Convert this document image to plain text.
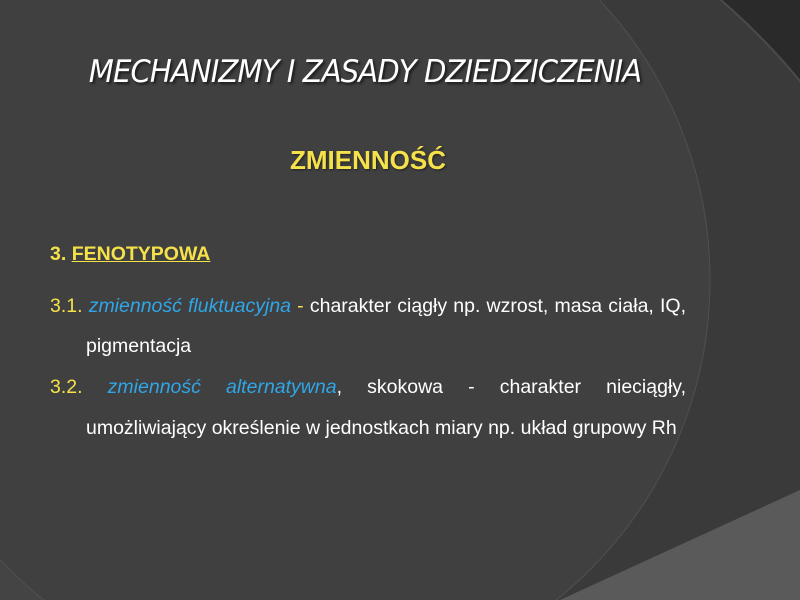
MECHANIZMY I ZASADY DZIEDZICZENIA
ZMIENNOŚĆ
3. FENOTYPOWA
3.1. zmienność fluktuacyjna - charakter ciągły np. wzrost, masa ciała, IQ, pigmentacja
3.2. zmienność alternatywna, skokowa - charakter nieciągły, umożliwiający określenie w jednostkach miary np. układ grupowy Rh
